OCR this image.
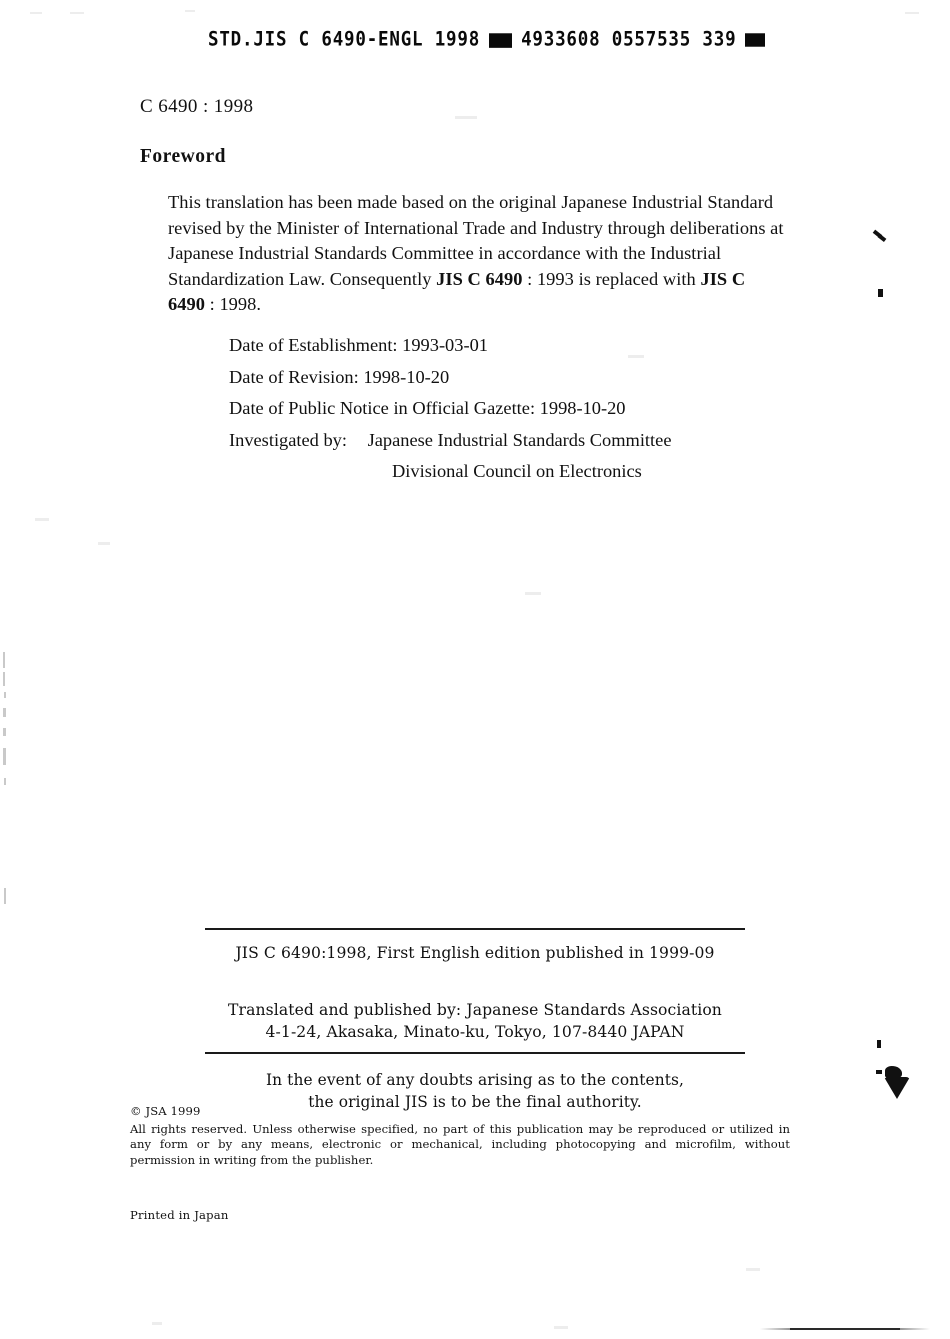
STD.JIS C 6490-ENGL 1998 4933608 0557535 339
C 6490 : 1998
Foreword
This translation has been made based on the original Japanese Industrial Standard revised by the Minister of International Trade and Industry through deliberations at Japanese Industrial Standards Committee in accordance with the Industrial Standardization Law. Consequently JIS C 6490 : 1993 is replaced with JIS C 6490 : 1998.
Date of Establishment: 1993-03-01
Date of Revision: 1998-10-20
Date of Public Notice in Official Gazette: 1998-10-20
Investigated by: Japanese Industrial Standards Committee
Divisional Council on Electronics
JIS C 6490:1998, First English edition published in 1999-09
Translated and published by: Japanese Standards Association
4-1-24, Akasaka, Minato-ku, Tokyo, 107-8440 JAPAN
In the event of any doubts arising as to the contents,
the original JIS is to be the final authority.
© JSA 1999
All rights reserved. Unless otherwise specified, no part of this publication may be reproduced or utilized in any form or by any means, electronic or mechanical, including photocopying and microfilm, without permission in writing from the publisher.
Printed in Japan
